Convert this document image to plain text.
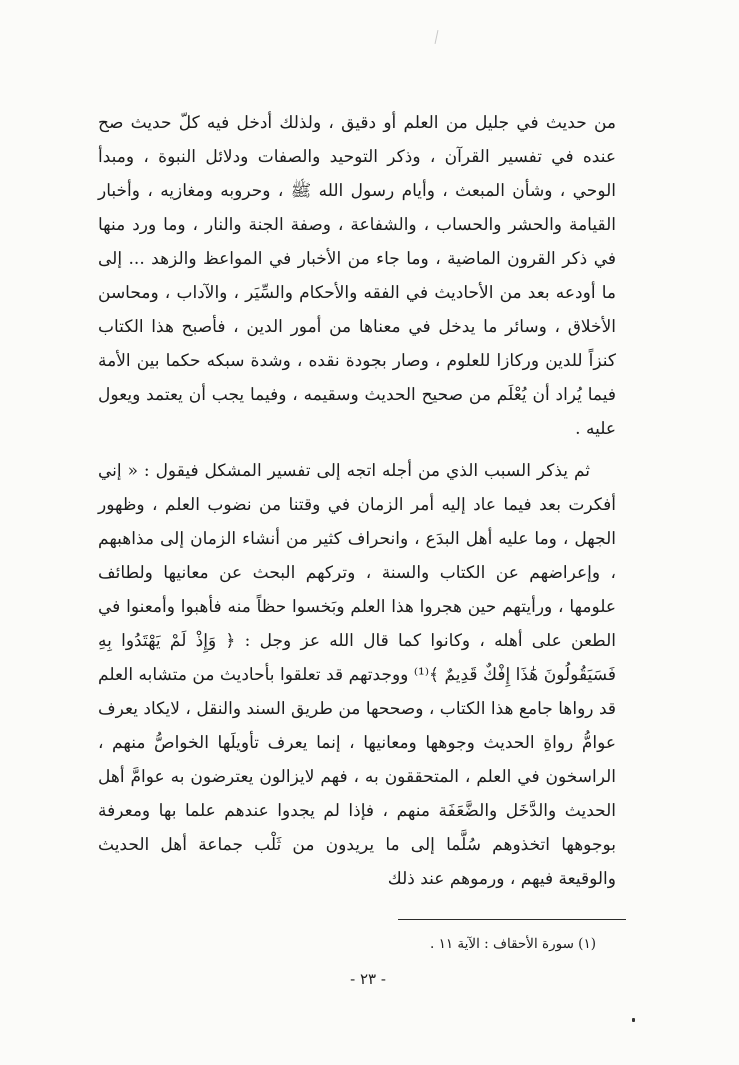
من حديث في جليل من العلم أو دقيق ، ولذلك أدخل فيه كلّ حديث صح عنده في تفسير القرآن ، وذكر التوحيد والصفات ودلائل النبوة ، ومبدأ الوحي ، وشأن المبعث ، وأيام رسول الله ﷺ ، وحروبه ومغازيه ، وأخبار القيامة والحشر والحساب ، والشفاعة ، وصفة الجنة والنار ، وما ورد منها في ذكر القرون الماضية ، وما جاء من الأخبار في المواعظ والزهد ... إلى ما أودعه بعد من الأحاديث في الفقه والأحكام والسِّيَر ، والآداب ، ومحاسن الأخلاق ، وسائر ما يدخل في معناها من أمور الدين ، فأصبح هذا الكتاب كنزاً للدين وركازا للعلوم ، وصار بجودة نقده ، وشدة سبكه حكما بين الأمة فيما يُراد أن يُعْلَم من صحيح الحديث وسقيمه ، وفيما يجب أن يعتمد ويعول عليه .

ثم يذكر السبب الذي من أجله اتجه إلى تفسير المشكل فيقول : « إني أفكرت بعد فيما عاد إليه أمر الزمان في وقتنا من نضوب العلم ، وظهور الجهل ، وما عليه أهل البدَع ، وانحراف كثير من أنشاء الزمان إلى مذاهبهم ، وإعراضهم عن الكتاب والسنة ، وتركهم البحث عن معانيها ولطائف علومها ، ورأيتهم حين هجروا هذا العلم وبَخسوا حظاً منه فأهبوا وأمعنوا في الطعن على أهله ، وكانوا كما قال الله عز وجل : ﴿ وَإِذْ لَمْ يَهْتَدُوا بِهِ فَسَيَقُولُونَ هَٰذَا إِفْكٌ قَدِيمٌ ﴾⁽¹⁾ ووجدتهم قد تعلقوا بأحاديث من متشابه العلم قد رواها جامع هذا الكتاب ، وصححها من طريق السند والنقل ، لايكاد يعرف عوامُّ رواةِ الحديث وجوهها ومعانيها ، إنما يعرف تأويلَها الخواصُّ منهم ، الراسخون في العلم ، المتحققون به ، فهم لايزالون يعترضون به عوامَّ أهل الحديث والدَّخَل والضَّعَفَة منهم ، فإذا لم يجدوا عندهم علما بها ومعرفة بوجوهها اتخذوهم سُلَّما إلى ما يريدون من ثَلْب جماعة أهل الحديث والوقيعة فيهم ، ورموهم عند ذلك

(١) سورة الأحقاف : الآية ١١ .

- ٢٣ -
